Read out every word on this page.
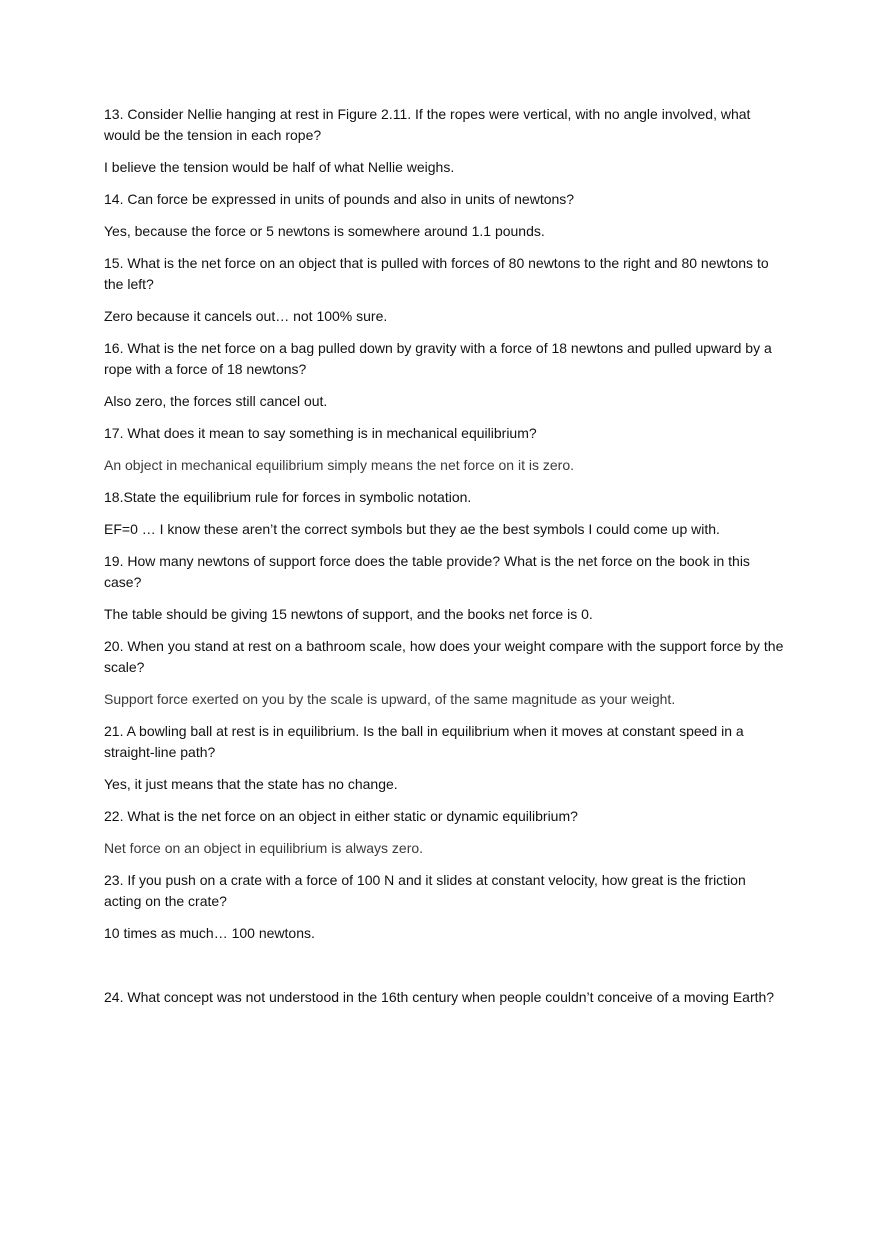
13. Consider Nellie hanging at rest in Figure 2.11. If the ropes were vertical, with no angle involved, what would be the tension in each rope?

I believe the tension would be half of what Nellie weighs.

14. Can force be expressed in units of pounds and also in units of newtons?

Yes, because the force or 5 newtons is somewhere around 1.1 pounds.

15. What is the net force on an object that is pulled with forces of 80 newtons to the right and 80 newtons to the left?

Zero because it cancels out… not 100% sure.

16. What is the net force on a bag pulled down by gravity with a force of 18 newtons and pulled upward by a rope with a force of 18 newtons?

Also zero, the forces still cancel out.

17. What does it mean to say something is in mechanical equilibrium?

An object in mechanical equilibrium simply means the net force on it is zero.

18.State the equilibrium rule for forces in symbolic notation.

EF=0 … I know these aren’t the correct symbols but they ae the best symbols I could come up with.

19. How many newtons of support force does the table provide? What is the net force on the book in this case?

The table should be giving 15 newtons of support, and the books net force is 0.

20. When you stand at rest on a bathroom scale, how does your weight compare with the support force by the scale?

Support force exerted on you by the scale is upward, of the same magnitude as your weight.

21. A bowling ball at rest is in equilibrium. Is the ball in equilibrium when it moves at constant speed in a straight-line path?

Yes, it just means that the state has no change.

22. What is the net force on an object in either static or dynamic equilibrium?

Net force on an object in equilibrium is always zero.

23. If you push on a crate with a force of 100 N and it slides at constant velocity, how great is the friction acting on the crate?

10 times as much… 100 newtons.

24. What concept was not understood in the 16th century when people couldn’t conceive of a moving Earth?
